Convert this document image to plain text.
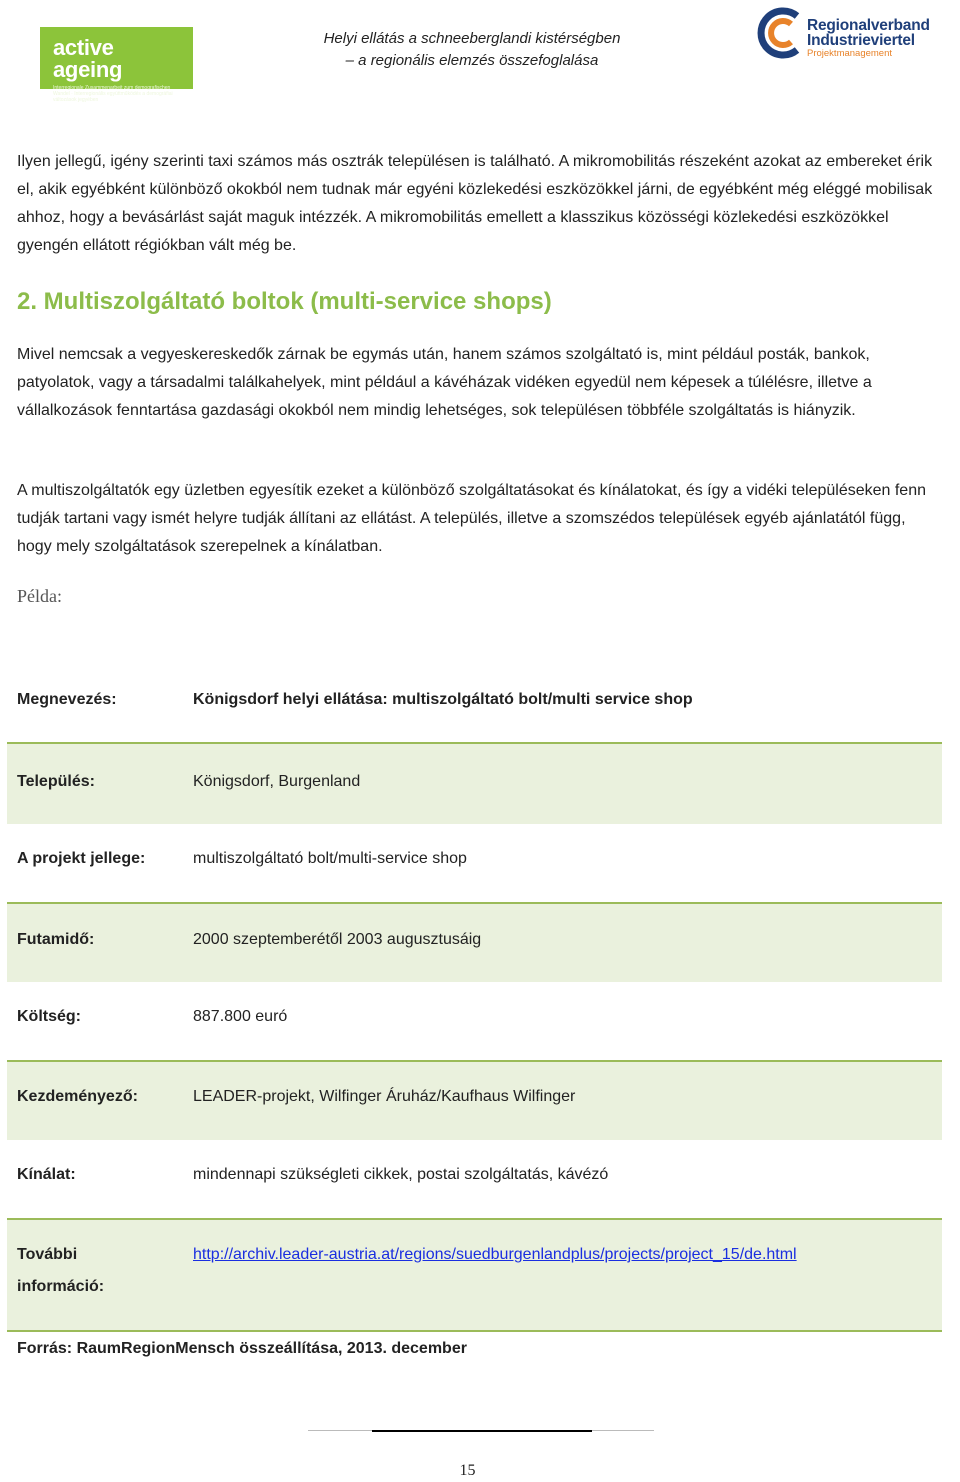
active ageing
Interregionale Zusammenarbeit zum demografischen Wandel · Interregionális együttműködés a demográfiai változások jegyében
Helyi ellátás a schneeberglandi kistérségben
– a regionális elemzés összefoglalása
Regionalverband
Industrieviertel
Projektmanagement

Ilyen jellegű, igény szerinti taxi számos más osztrák településen is található. A mikromobilitás részeként azokat az embereket érik el, akik egyébként különböző okokból nem tudnak már egyéni közlekedési eszközökkel járni, de egyébként még eléggé mobilisak ahhoz, hogy a bevásárlást saját maguk intézzék. A mikromobilitás emellett a klasszikus közösségi közlekedési eszközökkel gyengén ellátott régiókban vált még be.

2. Multiszolgáltató boltok (multi-service shops)

Mivel nemcsak a vegyeskereskedők zárnak be egymás után, hanem számos szolgáltató is, mint például posták, bankok, patyolatok, vagy a társadalmi találkahelyek, mint például a kávéházak vidéken egyedül nem képesek a túlélésre, illetve a vállalkozások fenntartása gazdasági okokból nem mindig lehetséges, sok településen többféle szolgáltatás is hiányzik.

A multiszolgáltatók egy üzletben egyesítik ezeket a különböző szolgáltatásokat és kínálatokat, és így a vidéki településeken fenn tudják tartani vagy ismét helyre tudják állítani az ellátást. A település, illetve a szomszédos települések egyéb ajánlatától függ, hogy mely szolgáltatások szerepelnek a kínálatban.

Példa:
Megnevezés:	Königsdorf helyi ellátása: multiszolgáltató bolt/multi service shop
Település:	Königsdorf, Burgenland
A projekt jellege:	multiszolgáltató bolt/multi-service shop
Futamidő:	2000 szeptemberétől 2003 augusztusáig
Költség:	887.800 euró
Kezdeményező:	LEADER-projekt, Wilfinger Áruház/Kaufhaus Wilfinger
Kínálat:	mindennapi szükségleti cikkek, postai szolgáltatás, kávézó
További
információ:
http://archiv.leader-austria.at/regions/suedburgenlandplus/projects/project_15/de.html
Forrás: RaumRegionMensch összeállítása, 2013. december
15
